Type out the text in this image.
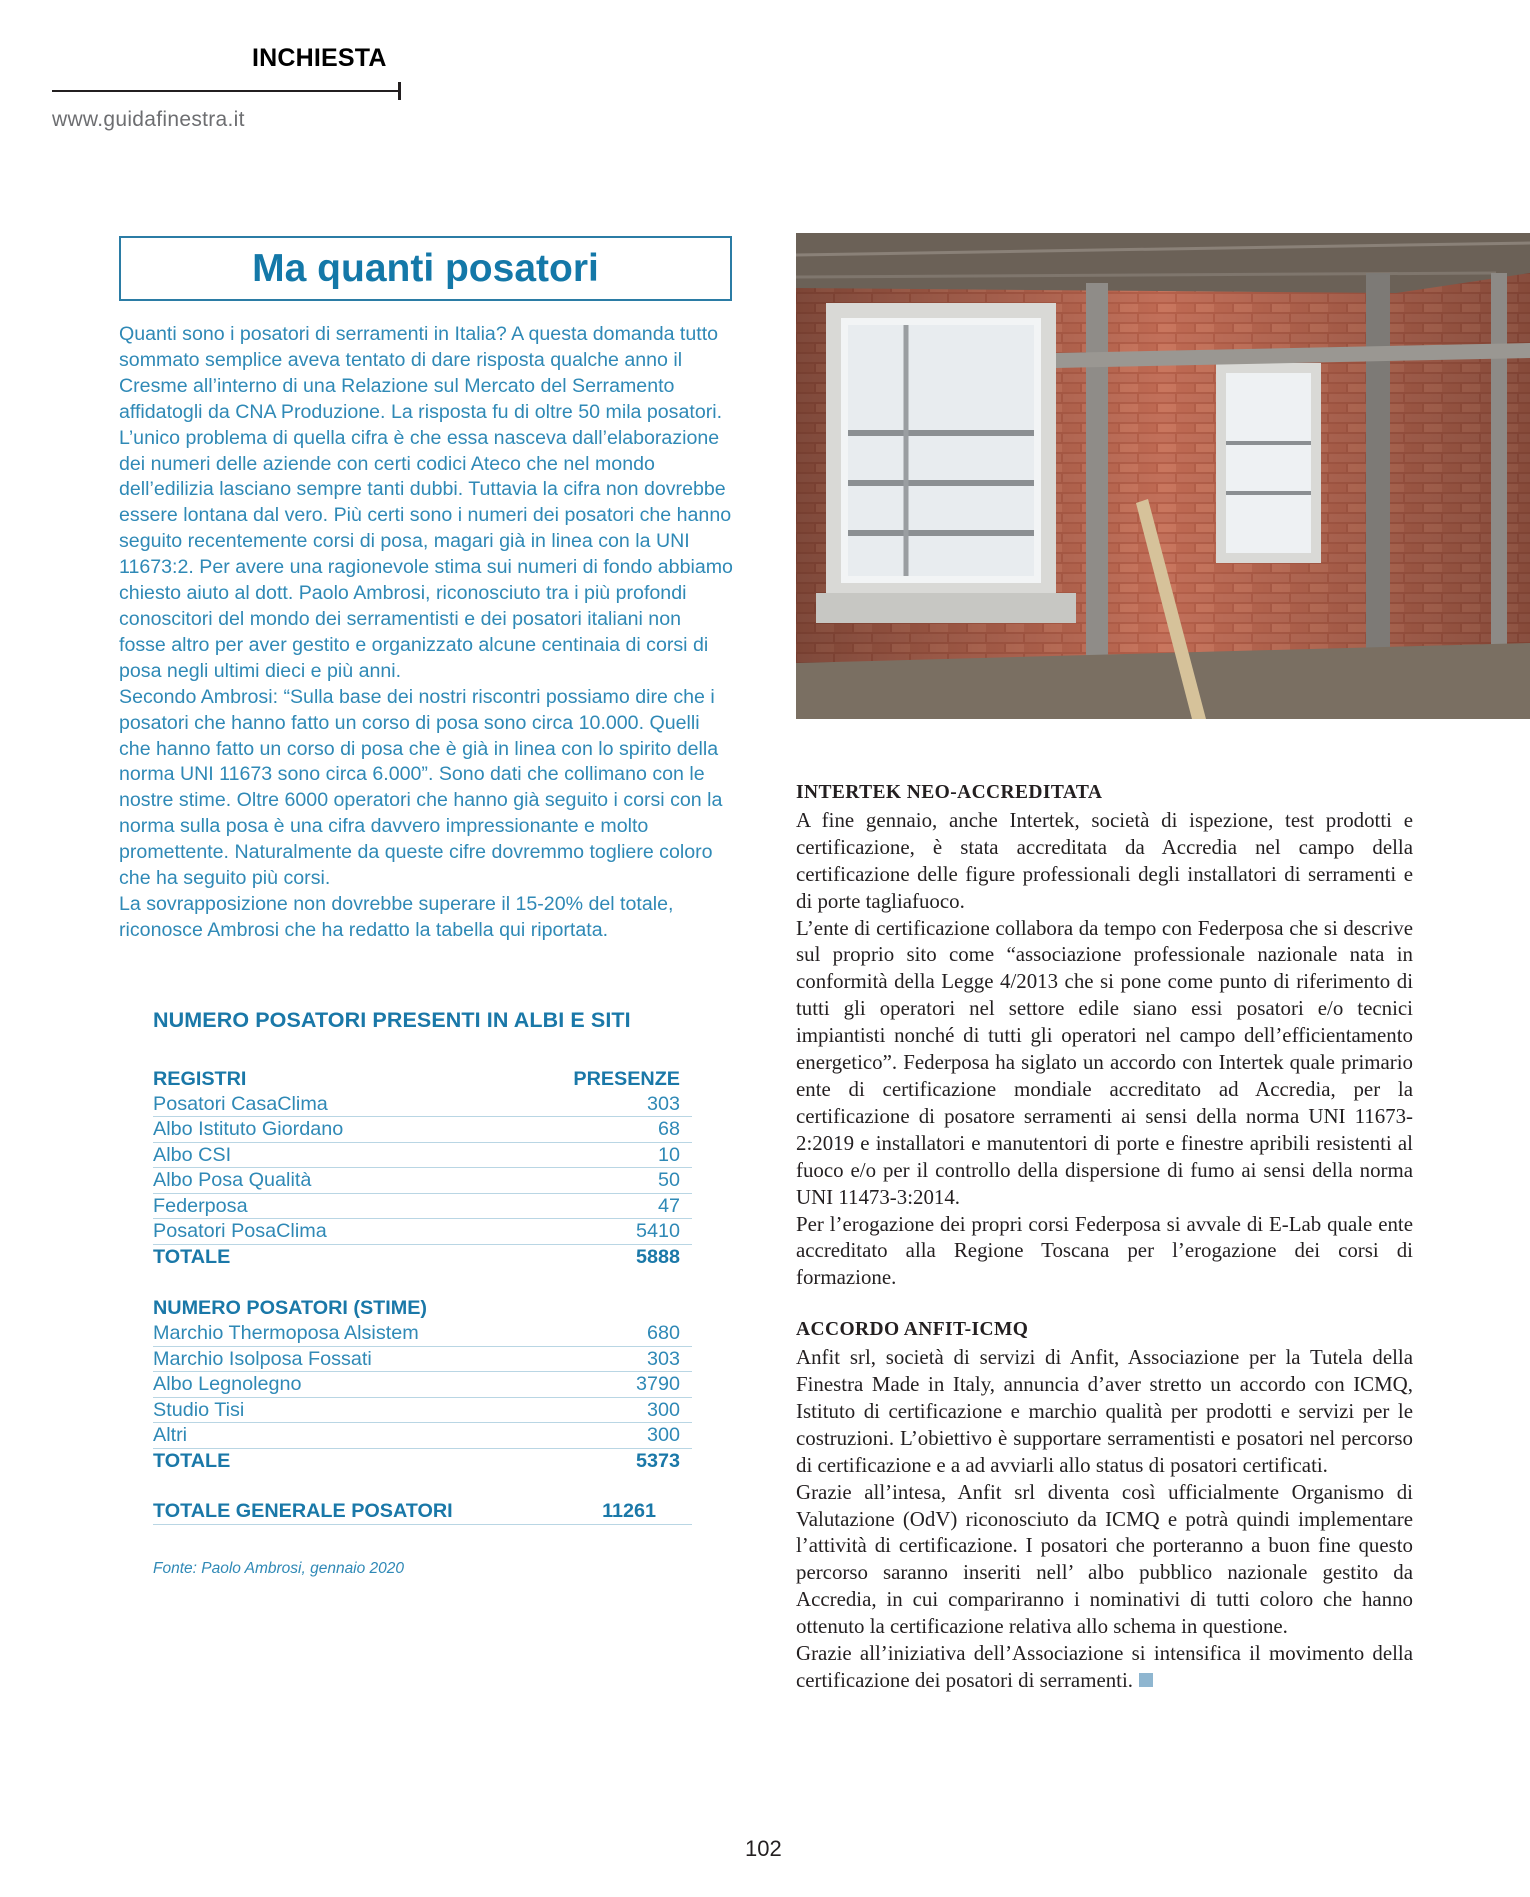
INCHIESTA
www.guidafinestra.it
Ma quanti posatori

Quanti sono i posatori di serramenti in Italia? A questa domanda tutto sommato semplice aveva tentato di dare risposta qualche anno il Cresme all’interno di una Relazione sul Mercato del Serramento affidatogli da CNA Produzione. La risposta fu di oltre 50 mila posatori. L’unico problema di quella cifra è che essa nasceva dall’elaborazione dei numeri delle aziende con certi codici Ateco che nel mondo dell’edilizia lasciano sempre tanti dubbi. Tuttavia la cifra non dovrebbe essere lontana dal vero. Più certi sono i numeri dei posatori che hanno seguito recentemente corsi di posa, magari già in linea con la UNI 11673:2. Per avere una ragionevole stima sui numeri di fondo abbiamo chiesto aiuto al dott. Paolo Ambrosi, riconosciuto tra i più profondi conoscitori del mondo dei serramentisti e dei posatori italiani non fosse altro per aver gestito e organizzato alcune centinaia di corsi di posa negli ultimi dieci e più anni.

Secondo Ambrosi: “Sulla base dei nostri riscontri possiamo dire che i posatori che hanno fatto un corso di posa sono circa 10.000. Quelli che hanno fatto un corso di posa che è già in linea con lo spirito della norma UNI 11673 sono circa 6.000”. Sono dati che collimano con le nostre stime. Oltre 6000 operatori che hanno già seguito i corsi con la norma sulla posa è una cifra davvero impressionante e molto promettente. Naturalmente da queste cifre dovremmo togliere coloro che ha seguito più corsi.

La sovrapposizione non dovrebbe superare il 15-20% del totale, riconosce Ambrosi che ha redatto la tabella qui riportata.

NUMERO POSATORI PRESENTI IN ALBI E SITI
REGISTRI	PRESENZE
Posatori CasaClima	303
Albo Istituto Giordano	68
Albo CSI	10
Albo Posa Qualità	50
Federposa	47
Posatori PosaClima	5410
TOTALE	5888
NUMERO POSATORI (STIME)
Marchio Thermoposa Alsistem	680
Marchio Isolposa Fossati	303
Albo Legnolegno	3790
Studio Tisi	300
Altri	300
TOTALE	5373
TOTALE GENERALE POSATORI	11261
Fonte: Paolo Ambrosi, gennaio 2020
INTERTEK NEO-ACCREDITATA

A fine gennaio, anche Intertek, società di ispezione, test prodotti e certificazione, è stata accreditata da Accredia nel campo della certificazione delle figure professionali degli installatori di serramenti e di porte tagliafuoco.

L’ente di certificazione collabora da tempo con Federposa che si descrive sul proprio sito come “associazione professionale nazionale nata in conformità della Legge 4/2013 che si pone come punto di riferimento di tutti gli operatori nel settore edile siano essi posatori e/o tecnici impiantisti nonché di tutti gli operatori nel campo dell’efficientamento energetico”. Federposa ha siglato un accordo con Intertek quale primario ente di certificazione mondiale accreditato ad Accredia, per la certificazione di posatore serramenti ai sensi della norma UNI 11673-2:2019 e installatori e manutentori di porte e finestre apribili resistenti al fuoco e/o per il controllo della dispersione di fumo ai sensi della norma UNI 11473-3:2014.

Per l’erogazione dei propri corsi Federposa si avvale di E-Lab quale ente accreditato alla Regione Toscana per l’erogazione dei corsi di formazione.

ACCORDO ANFIT-ICMQ

Anfit srl, società di servizi di Anfit, Associazione per la Tutela della Finestra Made in Italy, annuncia d’aver stretto un accordo con ICMQ, Istituto di certificazione e marchio qualità per prodotti e servizi per le costruzioni. L’obiettivo è supportare serramentisti e posatori nel percorso di certificazione e a ad avviarli allo status di posatori certificati.

Grazie all’intesa, Anfit srl diventa così ufficialmente Organismo di Valutazione (OdV) riconosciuto da ICMQ e potrà quindi implementare l’attività di certificazione. I posatori che porteranno a buon fine questo percorso saranno inseriti nell’ albo pubblico nazionale gestito da Accredia, in cui compariranno i nominativi di tutti coloro che hanno ottenuto la certificazione relativa allo schema in questione.

Grazie all’iniziativa dell’Associazione si intensifica il movimento della certificazione dei posatori di serramenti.

102
